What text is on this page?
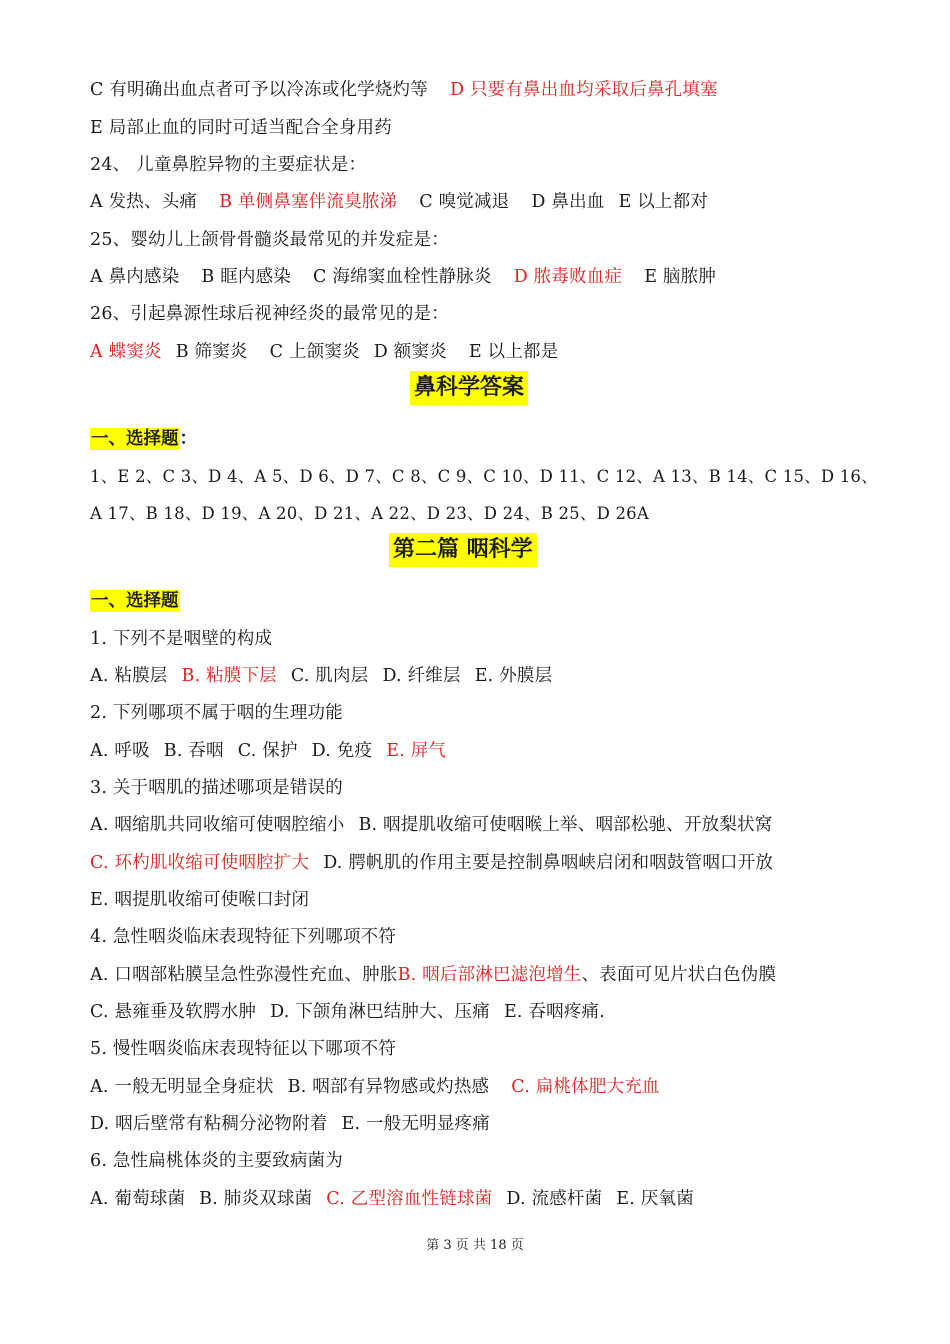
C 有明确出血点者可予以冷冻或化学烧灼等 D 只要有鼻出血均采取后鼻孔填塞
E 局部止血的同时可适当配合全身用药
24、 儿童鼻腔异物的主要症状是：
A 发热、头痛 B 单侧鼻塞伴流臭脓涕 C 嗅觉减退 D 鼻出血 E 以上都对
25、婴幼儿上颌骨骨髓炎最常见的并发症是：
A 鼻内感染 B 眶内感染 C 海绵窦血栓性静脉炎 D 脓毒败血症 E 脑脓肿
26、引起鼻源性球后视神经炎的最常见的是：
A 蝶窦炎 B 筛窦炎 C 上颌窦炎 D 额窦炎 E 以上都是
鼻科学答案
一、选择题：
1、E 2、C 3、D 4、A 5、D 6、D 7、C 8、C 9、C 10、D 11、C 12、A 13、B 14、C 15、D 16、
A 17、B 18、D 19、A 20、D 21、A 22、D 23、D 24、B 25、D 26A
第二篇 咽科学
一、选择题
1. 下列不是咽壁的构成
A. 粘膜层 B. 粘膜下层 C. 肌肉层 D. 纤维层 E. 外膜层
2. 下列哪项不属于咽的生理功能
A. 呼吸 B. 吞咽 C. 保护 D. 免疫 E. 屏气
3. 关于咽肌的描述哪项是错误的
A. 咽缩肌共同收缩可使咽腔缩小 B. 咽提肌收缩可使咽喉上举、咽部松驰、开放梨状窝
C. 环杓肌收缩可使咽腔扩大 D. 腭帆肌的作用主要是控制鼻咽峡启闭和咽鼓管咽口开放
E. 咽提肌收缩可使喉口封闭
4. 急性咽炎临床表现特征下列哪项不符
A. 口咽部粘膜呈急性弥漫性充血、肿胀B. 咽后部淋巴滤泡增生、表面可见片状白色伪膜
C. 悬雍垂及软腭水肿 D. 下颌角淋巴结肿大、压痛 E. 吞咽疼痛.
5. 慢性咽炎临床表现特征以下哪项不符
A. 一般无明显全身症状 B. 咽部有异物感或灼热感 C. 扁桃体肥大充血
D. 咽后壁常有粘稠分泌物附着 E. 一般无明显疼痛
6. 急性扁桃体炎的主要致病菌为
A. 葡萄球菌 B. 肺炎双球菌 C. 乙型溶血性链球菌 D. 流感杆菌 E. 厌氧菌
第 3 页 共 18 页
